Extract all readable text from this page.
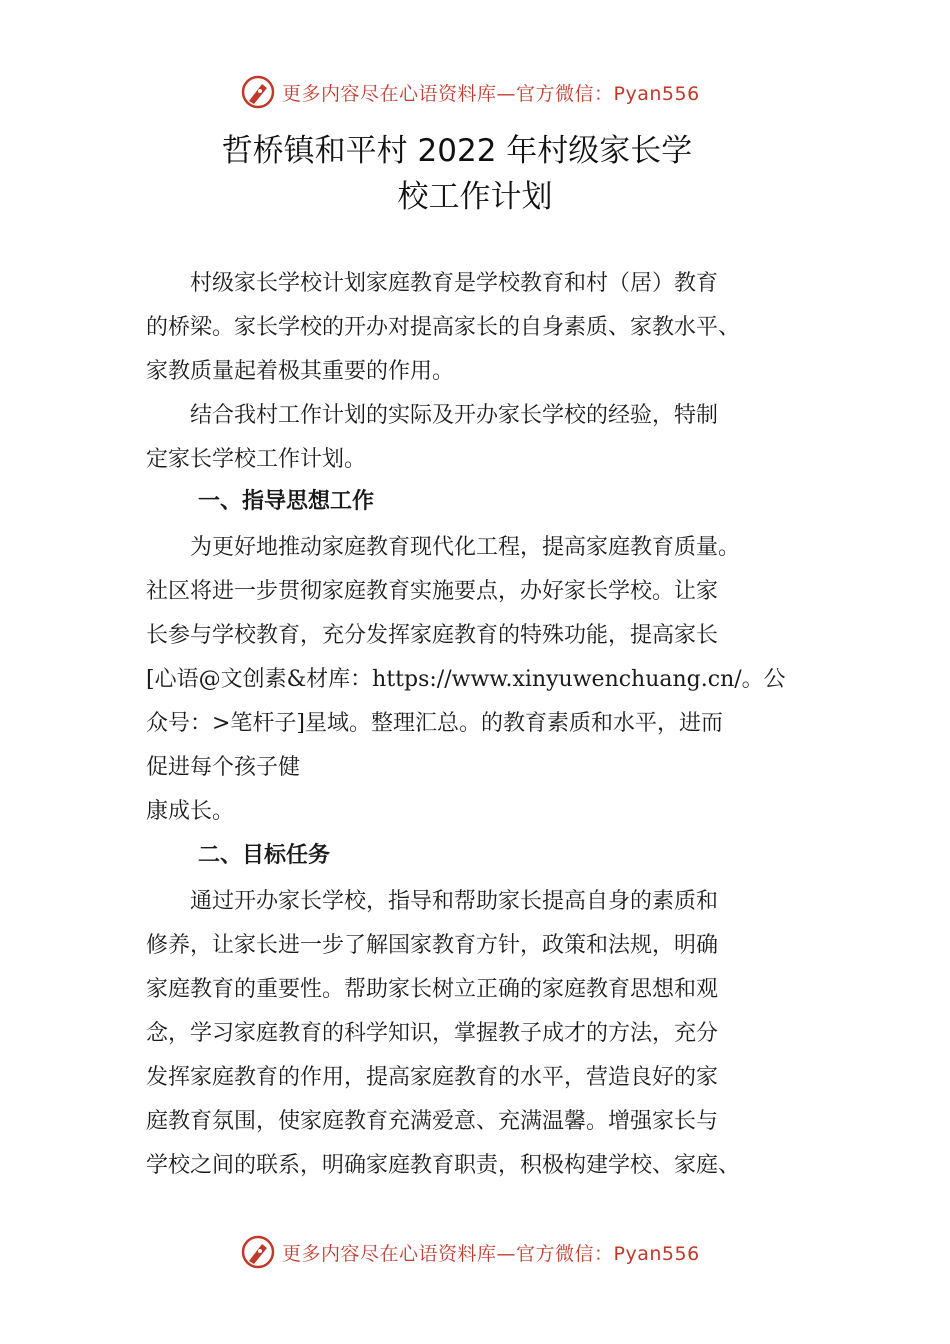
更多内容尽在心语资料库—官方微信：Pyan556
哲桥镇和平村 2022 年村级家长学
校工作计划
　　村级家长学校计划家庭教育是学校教育和村（居）教育
的桥梁。家长学校的开办对提高家长的自身素质、家教水平、
家教质量起着极其重要的作用。
　　结合我村工作计划的实际及开办家长学校的经验，特制
定家长学校工作计划。
一、指导思想工作
　　为更好地推动家庭教育现代化工程，提高家庭教育质量。
社区将进一步贯彻家庭教育实施要点，办好家长学校。让家
长参与学校教育，充分发挥家庭教育的特殊功能，提高家长
[心语@文创素&材库：https://www.xinyuwenchuang.cn/。公
众号：>笔杆子]星域。整理汇总。的教育素质和水平，进而
促进每个孩子健
康成长。
二、目标任务
　　通过开办家长学校，指导和帮助家长提高自身的素质和
修养，让家长进一步了解国家教育方针，政策和法规，明确
家庭教育的重要性。帮助家长树立正确的家庭教育思想和观
念，学习家庭教育的科学知识，掌握教子成才的方法，充分
发挥家庭教育的作用，提高家庭教育的水平，营造良好的家
庭教育氛围，使家庭教育充满爱意、充满温馨。增强家长与
学校之间的联系，明确家庭教育职责，积极构建学校、家庭、
更多内容尽在心语资料库—官方微信：Pyan556
